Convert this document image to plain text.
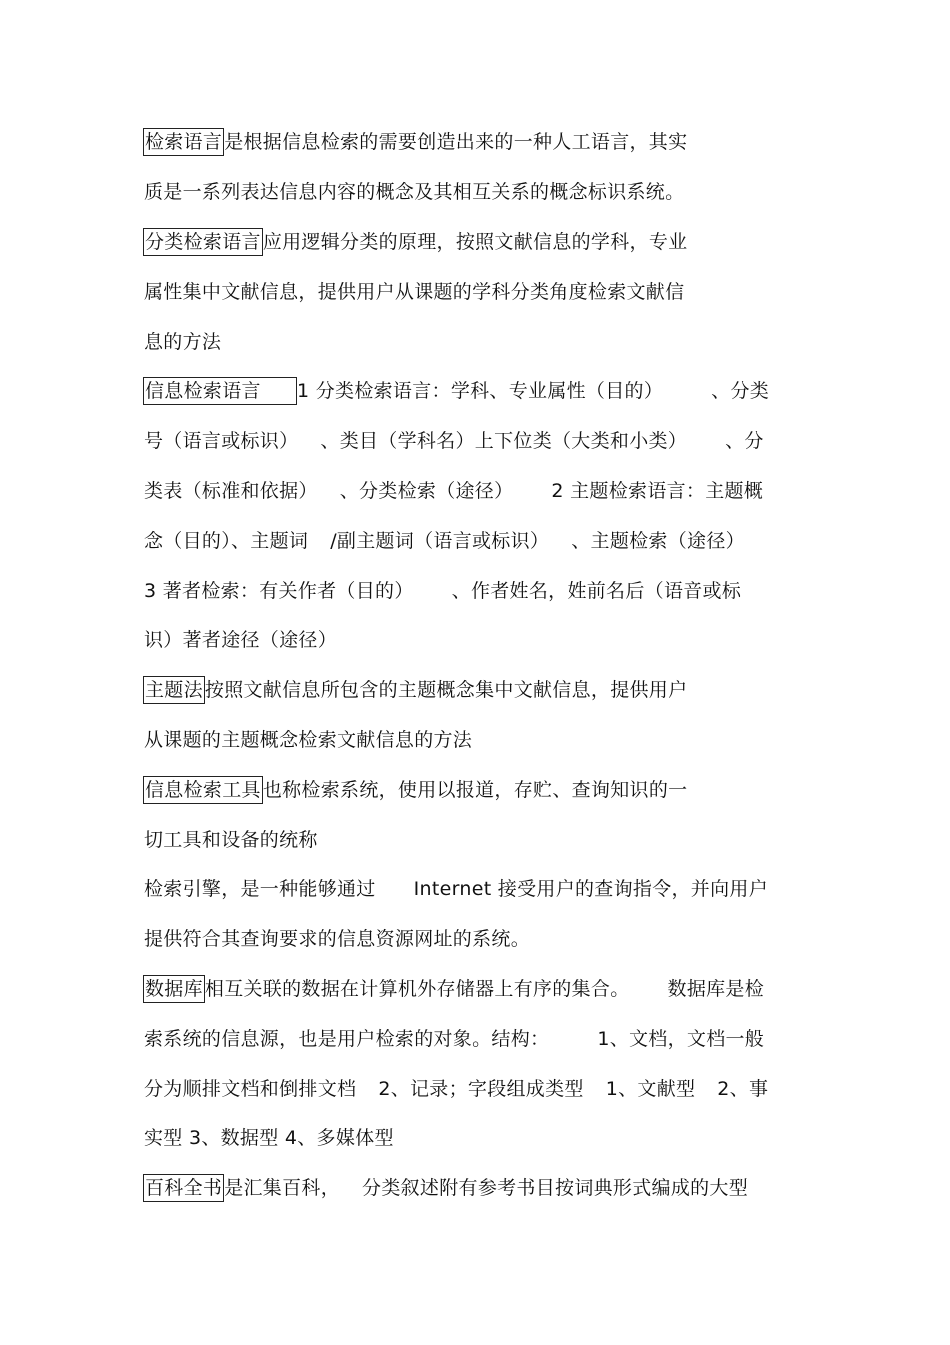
检索语言 是根据信息检索的需要创造出来的一种人工语言，其实
质是一系列表达信息内容的概念及其相互关系的概念标识系统。
分类检索语言 应用逻辑分类的原理，按照文献信息的学科，专业
属性集中文献信息，提供用户从课题的学科分类角度检索文献信
息的方法
信息检索语言 1 分类检索语言：学科、专业属性（目的）	、分类
号（语言或标识） 、类目（学科名）上下位类（大类和小类） 、分
类表（标准和依据） 、分类检索（途径） 2 主题检索语言：主题概
念（目的）、主题词 /副主题词（语言或标识） 、主题检索（途径）
3 著者检索：有关作者（目的） 、作者姓名，姓前名后（语音或标
识）著者途径（途径）
主题法 按照文献信息所包含的主题概念集中文献信息，提供用户
从课题的主题概念检索文献信息的方法
信息检索工具 也称检索系统，使用以报道，存贮、查询知识的一
切工具和设备的统称
检索引擎，是一种能够通过 Internet 接受用户的查询指令，并向用户
提供符合其查询要求的信息资源网址的系统。
数据库 相互关联的数据在计算机外存储器上有序的集合。 数据库是检
索系统的信息源，也是用户检索的对象。结构：	1、文档，文档一般
分为顺排文档和倒排文档 2、记录；字段组成类型 1、文献型 2、事
实型 3、数据型 4、多媒体型
百科全书 是汇集百科， 分类叙述附有参考书目按词典形式编成的大型
